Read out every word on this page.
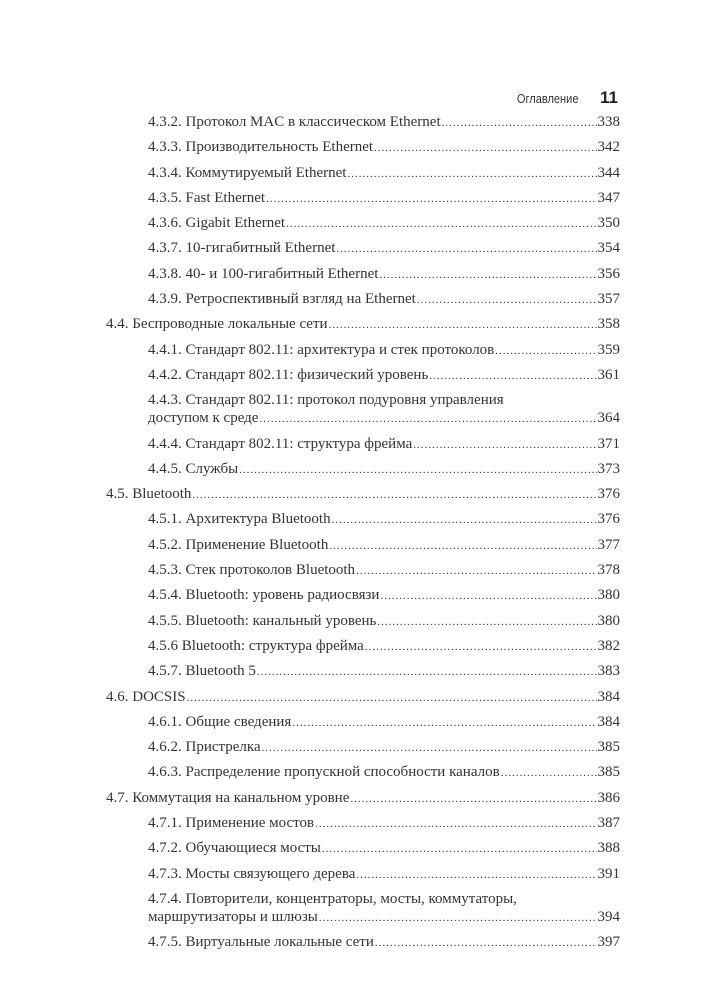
Оглавление 11
4.3.2. Протокол MAC в классическом Ethernet .....	338
4.3.3. Производительность Ethernet .....	342
4.3.4. Коммутируемый Ethernet .....	344
4.3.5. Fast Ethernet .....	347
4.3.6. Gigabit Ethernet .....	350
4.3.7. 10-гигабитный Ethernet .....	354
4.3.8. 40- и 100-гигабитный Ethernet .....	356
4.3.9. Ретроспективный взгляд на Ethernet .....	357
4.4. Беспроводные локальные сети .....	358
4.4.1. Стандарт 802.11: архитектура и стек протоколов .....	359
4.4.2. Стандарт 802.11: физический уровень .....	361
4.4.3. Стандарт 802.11: протокол подуровня управления
доступом к среде .....	364
4.4.4. Стандарт 802.11: структура фрейма .....	371
4.4.5. Службы .....	373
4.5. Bluetooth .....	376
4.5.1. Архитектура Bluetooth .....	376
4.5.2. Применение Bluetooth .....	377
4.5.3. Стек протоколов Bluetooth .....	378
4.5.4. Bluetooth: уровень радиосвязи .....	380
4.5.5. Bluetooth: канальный уровень .....	380
4.5.6 Bluetooth: структура фрейма .....	382
4.5.7. Bluetooth 5 .....	383
4.6. DOCSIS .....	384
4.6.1. Общие сведения .....	384
4.6.2. Пристрелка .....	385
4.6.3. Распределение пропускной способности каналов .....	385
4.7. Коммутация на канальном уровне .....	386
4.7.1. Применение мостов .....	387
4.7.2. Обучающиеся мосты .....	388
4.7.3. Мосты связующего дерева .....	391
4.7.4. Повторители, концентраторы, мосты, коммутаторы,
маршрутизаторы и шлюзы .....	394
4.7.5. Виртуальные локальные сети .....	397
